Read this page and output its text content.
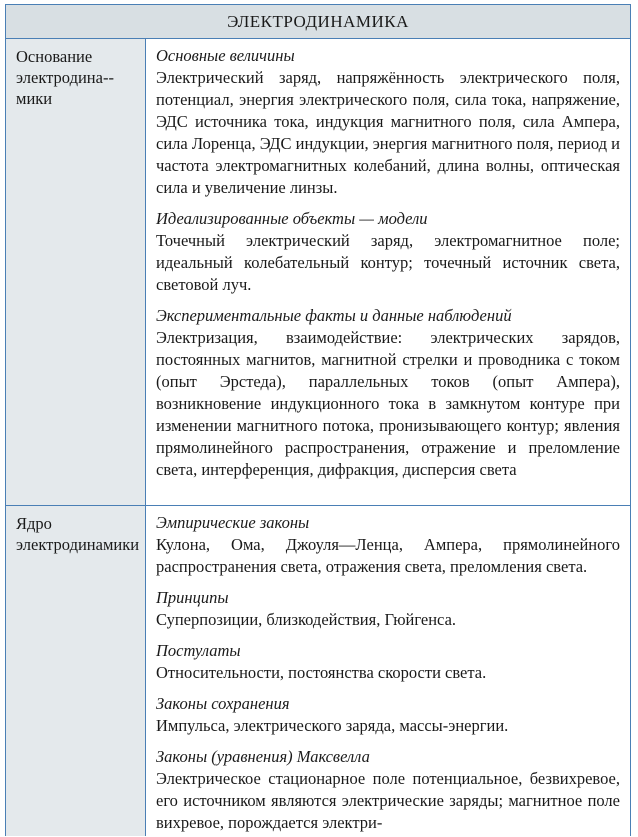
ЭЛЕКТРОДИНАМИКА
Основание электродина-мики
Основные величины
Электрический заряд, напряжённость электрического поля, потенциал, энергия электрического поля, сила тока, напряжение, ЭДС источника тока, индукция магнитного поля, сила Ампера, сила Лоренца, ЭДС индукции, энергия магнитного поля, период и частота электромагнитных колебаний, длина волны, оптическая сила и увеличение линзы.
Идеализированные объекты — модели
Точечный электрический заряд, электромагнитное поле; идеальный колебательный контур; точечный источник света, световой луч.
Экспериментальные факты и данные наблюдений
Электризация, взаимодействие: электрических зарядов, постоянных магнитов, магнитной стрелки и проводника с током (опыт Эрстеда), параллельных токов (опыт Ампера), возникновение индукционного тока в замкнутом контуре при изменении магнитного потока, пронизывающего контур; явления прямолинейного распространения, отражение и преломление света, интерференция, дифракция, дисперсия света
Ядро электродинамики
Эмпирические законы
Кулона, Ома, Джоуля—Ленца, Ампера, прямолинейного распространения света, отражения света, преломления света.
Принципы
Суперпозиции, близкодействия, Гюйгенса.
Постулаты
Относительности, постоянства скорости света.
Законы сохранения
Импульса, электрического заряда, массы-энергии.
Законы (уравнения) Максвелла
Электрическое стационарное поле потенциальное, безвихревое, его источником являются электрические заряды; магнитное поле вихревое, порождается электри-
